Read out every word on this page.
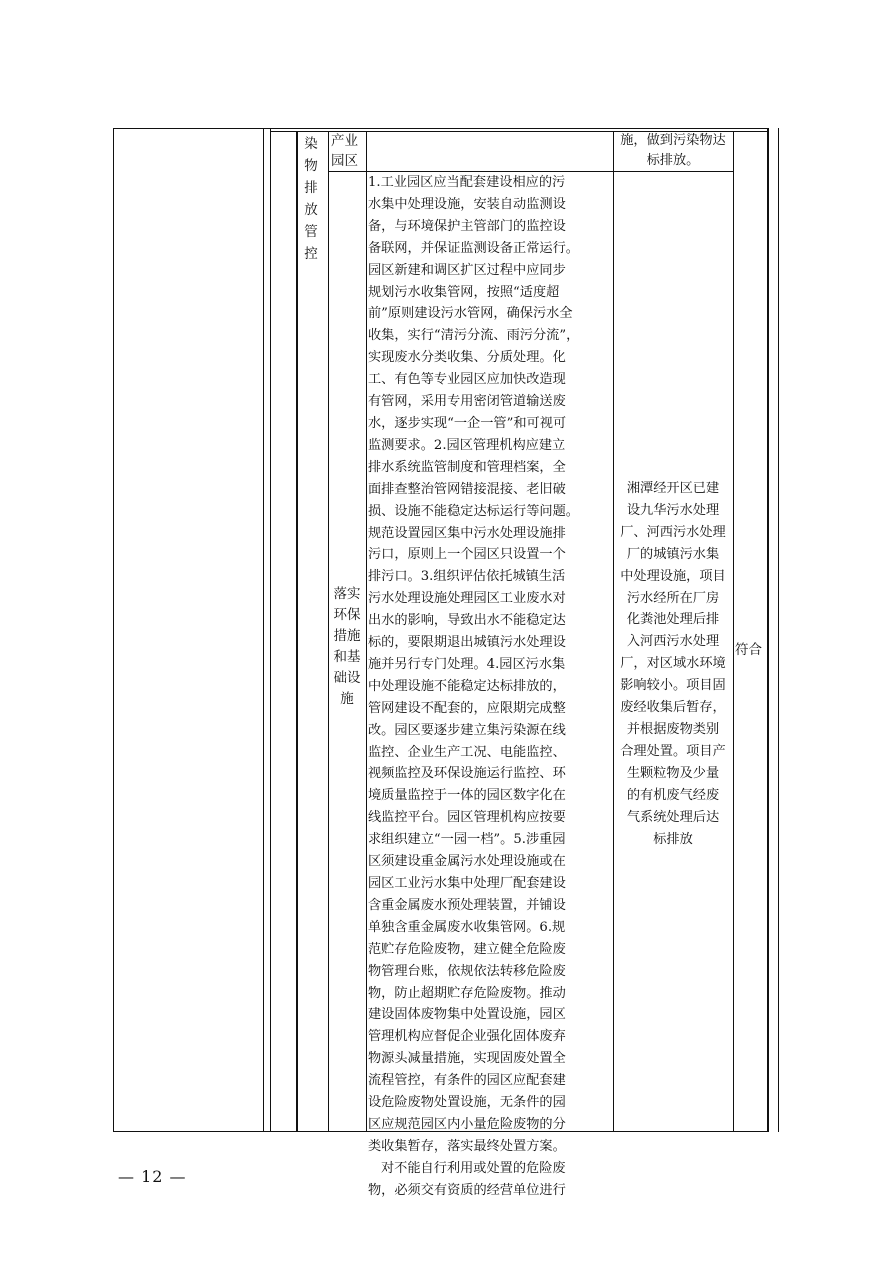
染
物
排
放
管
控
产业园区
施，做到污染物达标排放。
落实环保措施和基础设施
1.工业园区应当配套建设相应的污
水集中处理设施，安装自动监测设
备，与环境保护主管部门的监控设
备联网，并保证监测设备正常运行。
园区新建和调区扩区过程中应同步
规划污水收集管网，按照“适度超
前”原则建设污水管网，确保污水全
收集，实行“清污分流、雨污分流”，
实现废水分类收集、分质处理。化
工、有色等专业园区应加快改造现
有管网，采用专用密闭管道输送废
水，逐步实现“一企一管”和可视可
监测要求。2.园区管理机构应建立
排水系统监管制度和管理档案，全
面排查整治管网错接混接、老旧破
损、设施不能稳定达标运行等问题。
规范设置园区集中污水处理设施排
污口，原则上一个园区只设置一个
排污口。3.组织评估依托城镇生活
污水处理设施处理园区工业废水对
出水的影响，导致出水不能稳定达
标的，要限期退出城镇污水处理设
施并另行专门处理。4.园区污水集
中处理设施不能稳定达标排放的，
管网建设不配套的，应限期完成整
改。园区要逐步建立集污染源在线
监控、企业生产工况、电能监控、
视频监控及环保设施运行监控、环
境质量监控于一体的园区数字化在
线监控平台。园区管理机构应按要
求组织建立“一园一档”。5.涉重园
区须建设重金属污水处理设施或在
园区工业污水集中处理厂配套建设
含重金属废水预处理装置，并铺设
单独含重金属废水收集管网。6.规
范贮存危险废物，建立健全危险废
物管理台账，依规依法转移危险废
物，防止超期贮存危险废物。推动
建设固体废物集中处置设施，园区
管理机构应督促企业强化固体废弃
物源头减量措施，实现固废处置全
流程管控，有条件的园区应配套建
设危险废物处置设施，无条件的园
区应规范园区内小量危险废物的分
类收集暂存，落实最终处置方案。
对不能自行利用或处置的危险废
物，必须交有资质的经营单位进行
湘潭经开区已建
设九华污水处理
厂、河西污水处理
厂的城镇污水集
中处理设施，项目
污水经所在厂房
化粪池处理后排
入河西污水处理
厂，对区域水环境
影响较小。项目固
废经收集后暂存，
并根据废物类别
合理处置。项目产
生颗粒物及少量
的有机废气经废
气系统处理后达
标排放
符合
— 12 —
